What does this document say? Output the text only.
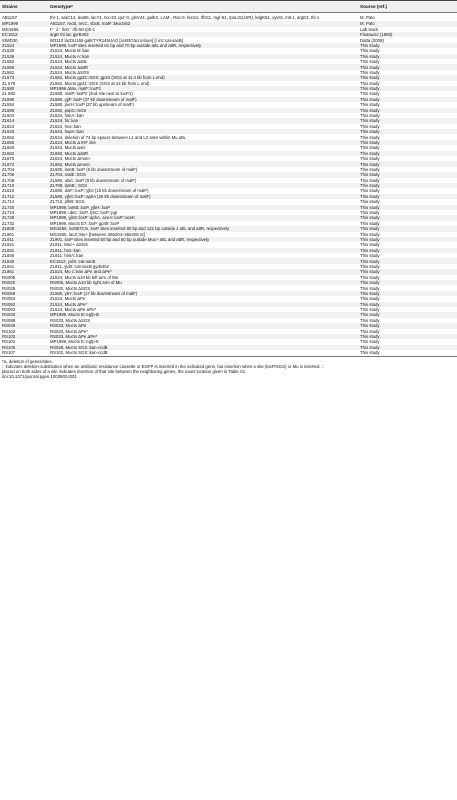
Strains	Genotype*	Source (ref.)
AB1157	thr-1, araC14, leuB6, lacY1, tsx-33, qsr'-0, glnV44, galK2, LAM-, Rac-0, hisG4, rfbC1, mgl-51, rpsL31(strR), kdgK51, xylA5, mtl-1, argE3, thi-1	M. Pato
MP1999	AB1157, recB, recC, sbcB, malF::Mucts62	M. Pato
MG1655	F⁻ λ⁻ ilvG⁻ rfb-50 rph-1	Lab stock
EC1512	argE thi lac gyrB402	Filutowicz (1983)
SIMD30	W3110 lacDU169 galKTYR145UAG [λcI857Δcro-bioA] [/ int::cat-sacB]	Datta (2008)
ZL524	MP1999, loxP sites inserted 61 bp and 70 bp outside attL and attR, respectively	This study
ZL530	ZL524, Mucts B::kan	This study
ZL536	ZL524, Mucts A::kan	This study
ZL552	ZL524, Mucts ΔattL	This study
ZL556	ZL524, Mucts ΔattR	This study
ZL562	ZL524, Mucts ΔSGS	This study
ZL573	ZL562, Mucts gp22::SGS::gp24 (SGS at 11.4 kb from L end)	This study
ZL 578	ZL562, Mucts gp41::SGS (SGS at 24 kb from L end)	This study
ZL580	MP1999 ΔMu, malF::loxP1	This study
ZL 582	ZL580, malP::loxP2 (2nd site next to loxP1)	This study
ZL590	ZL580, yjjF::loxP (37 kb downstream of malF)	This study
ZL594	ZL580, purH::loxP (37 kb upstream of malF)	This study
ZL598	ZL592, pspG::SGS	This study
ZL604	ZL524, himA::kan	This study
ZL614	ZL524, fis::kan	This study
ZL624	ZL524, hns::kan	This study
ZL634	ZL524, hupA::kan	This study
ZL652	ZL524, deletion of 74 bp spacer between L1 and L2 sites within Mu attL	This study
ZL656	ZL524, Mucts Δ IHF site	This study
ZL660	ZL524, Mucts Δsis	This study
ZL662	ZL660, Mucts ΔattR	This study
ZL670	ZL524, Mucts Δmom	This study
ZL672	ZL662, Mucts Δmom	This study
ZL704	ZL580, lamB::loxP (5 kb downstream of malF)	This study
ZL706	ZL704, malE::SGS	This study
ZL708	ZL580, ubiC::loxP (9 kb downstream of malF)	This study
ZL710	ZL708, lamB:: SGS	This study
ZL810	ZL580, dinF::loxP::yjbJ (15 kb downstream of malF)	This study
ZL712	ZL580, yjbS::loxP::aphA (25 kb downstream of malF)	This study
ZL714	ZL712, pfkB::SGS	This study
ZL720	MP1999, lamB::loxP, yjbH::loxP	This study
ZL724	MP1999, ubiC::loxP, lysC::loxP::pgi	This study
ZL728	MP1999, yjbS::loxP::aphA, aceA::loxP::aceK	This study
ZL732	MP1999, Mucts E7::loxP, gp49::loxP	This study
ZL808	MG1655, λcI857Cm, loxP sites inserted 80 bp and 121 bp outside λ attL and attR, respectively	This study
ZL901	MG1655, lacZ::Mu+ [between 366204–366205 nt]	This study
ZL911	ZL901, loxP sites inserted 50 bp and 60 bp outside Muc+ attL and attR, respectively	This study
ZL921	ZL911, Muc+ ΔSGS	This study
ZL931	ZL911, hns::kan	This study
ZL936	ZL911, himA::kan	This study
ZL940	EC1512, yidX::cat-sacB	This study
ZL941	ZL911, yidX::cat-sacB gyrB402	This study
ZL951	ZL524, Mu c::kan ΔPe and ΔPe*	This study
RS005	ZL524, Mucts Δ10 kb left arm of Mu	This study
RS020	RS005, Mucts Δ10 kb right arm of Mu	This study
RS025	RS020, Mucts ΔSGS	This study
RS059	ZL580, ybY::loxP (17 kb downstream of malF)	This study
RS053	ZL524, Mucts ΔPe	This study
RS092	ZL524, Mucts ΔPe*	This study
RS093	ZL524, Mucts ΔPe ΔPe*	This study
RS033	MP1999, Mucts B::egfp-B	This study
RS088	RS033, Mucts ΔSGS	This study
RS048	RS033, Mucts ΔPe	This study
RS102	RS033, Mucts ΔPe*	This study
RS103	RS033, Mucts ΔPe ΔPe*	This study
RS101	MP1999, Mucts E::egfp-E	This study
RS106	RS048, Mucts SGS::kan-ccdB	This study
RS107	RS102, Mucts SGS::kan-ccdB	This study
*Δ, deletion of genes/sites.
:: indicates deletion-substitution when an antibiotic resistance cassette or EGFP is inserted in the indicated gene, but insertion when a site (loxP/SGS) or Mu is inserted. ::
placed on both sides of a site indicates insertion of that site between the neighboring genes, the exact location given in Table S1.
doi:10.1371/journal.pgen.1003902.t001
